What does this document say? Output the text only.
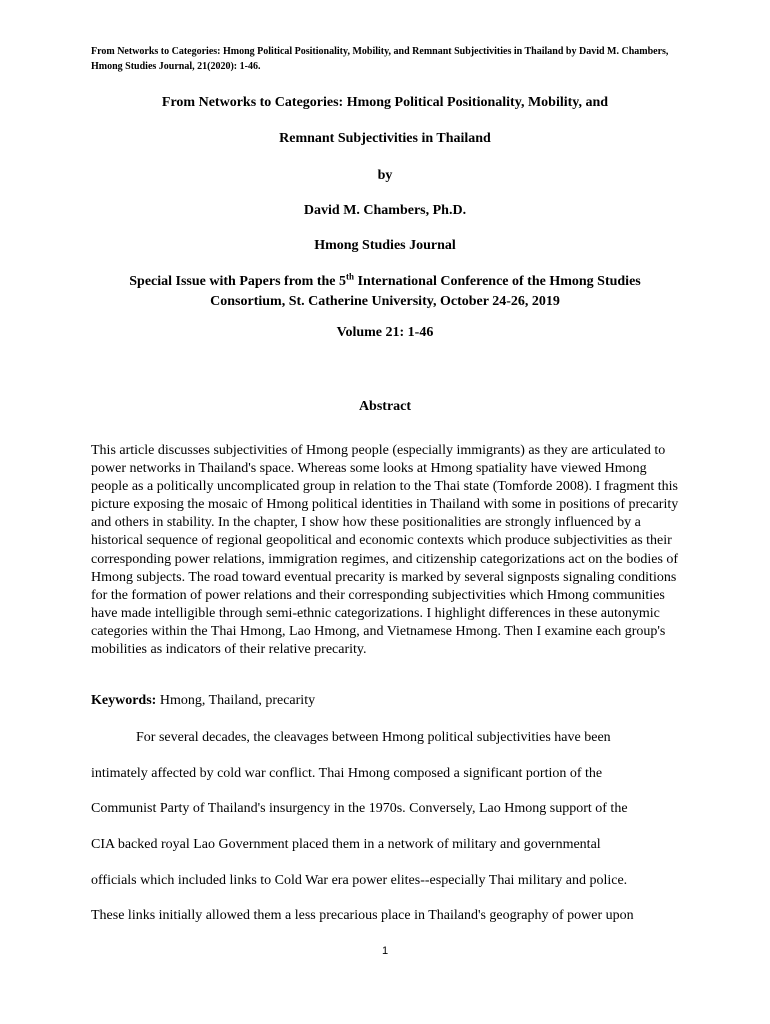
From Networks to Categories: Hmong Political Positionality, Mobility, and Remnant Subjectivities in Thailand by David M. Chambers, Hmong Studies Journal, 21(2020): 1-46.
From Networks to Categories: Hmong Political Positionality, Mobility, and
Remnant Subjectivities in Thailand
by
David M. Chambers, Ph.D.
Hmong Studies Journal
Special Issue with Papers from the 5th International Conference of the Hmong Studies
Consortium, St. Catherine University, October 24-26, 2019
Volume 21: 1-46
Abstract
This article discusses subjectivities of Hmong people (especially immigrants) as they are articulated to power networks in Thailand's space. Whereas some looks at Hmong spatiality have viewed Hmong people as a politically uncomplicated group in relation to the Thai state (Tomforde 2008). I fragment this picture exposing the mosaic of Hmong political identities in Thailand with some in positions of precarity and others in stability. In the chapter, I show how these positionalities are strongly influenced by a historical sequence of regional geopolitical and economic contexts which produce subjectivities as their corresponding power relations, immigration regimes, and citizenship categorizations act on the bodies of Hmong subjects. The road toward eventual precarity is marked by several signposts signaling conditions for the formation of power relations and their corresponding subjectivities which Hmong communities have made intelligible through semi-ethnic categorizations. I highlight differences in these autonymic categories within the Thai Hmong, Lao Hmong, and Vietnamese Hmong. Then I examine each group's mobilities as indicators of their relative precarity.
Keywords: Hmong, Thailand, precarity
For several decades, the cleavages between Hmong political subjectivities have been
intimately affected by cold war conflict. Thai Hmong composed a significant portion of the
Communist Party of Thailand's insurgency in the 1970s. Conversely, Lao Hmong support of the
CIA backed royal Lao Government placed them in a network of military and governmental
officials which included links to Cold War era power elites--especially Thai military and police.
These links initially allowed them a less precarious place in Thailand's geography of power upon
1
